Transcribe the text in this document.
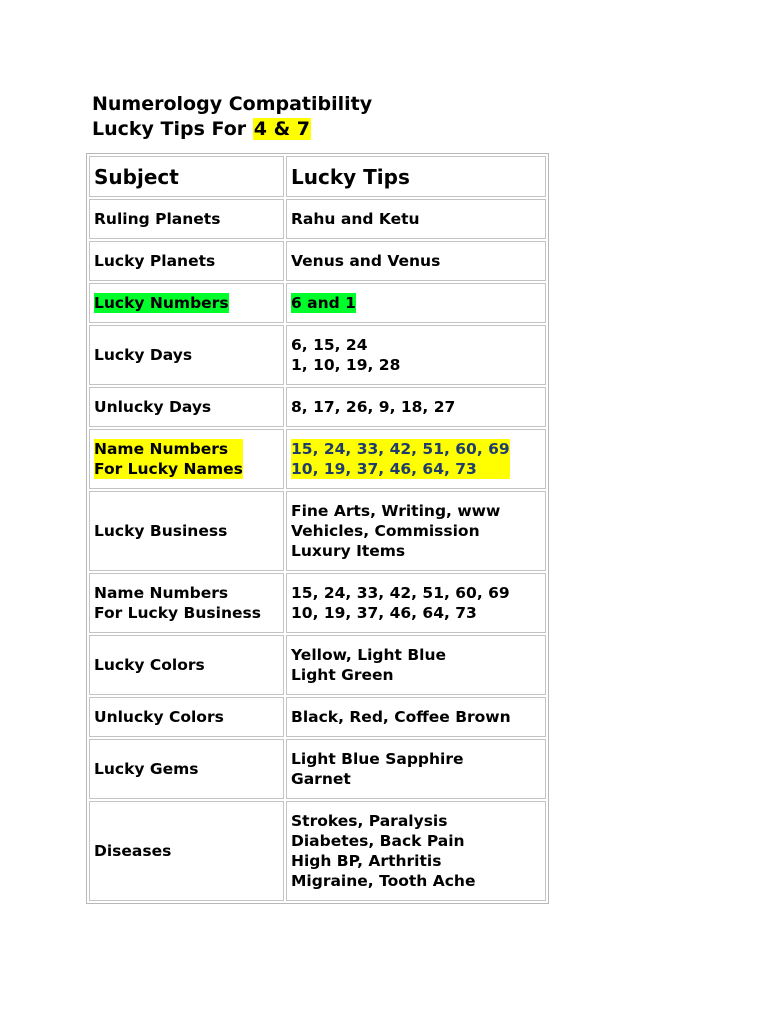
Numerology Compatibility
Lucky Tips For 4 & 7
Subject	Lucky Tips

Ruling Planets	Rahu and Ketu

Lucky Planets	Venus and Venus

Lucky Numbers	6 and 1

Lucky Days	6, 15, 24
1, 10, 19, 28

Unlucky Days	8, 17, 26, 9, 18, 27

Name Numbers
For Lucky Names	15, 24, 33, 42, 51, 60, 69
10, 19, 37, 46, 64, 73

Lucky Business	Fine Arts, Writing, www
Vehicles, Commission
Luxury Items

Name Numbers
For Lucky Business	15, 24, 33, 42, 51, 60, 69
10, 19, 37, 46, 64, 73

Lucky Colors	Yellow, Light Blue
Light Green

Unlucky Colors	Black, Red, Coffee Brown

Lucky Gems	Light Blue Sapphire
Garnet

Diseases	Strokes, Paralysis
Diabetes, Back Pain
High BP, Arthritis
Migraine, Tooth Ache
